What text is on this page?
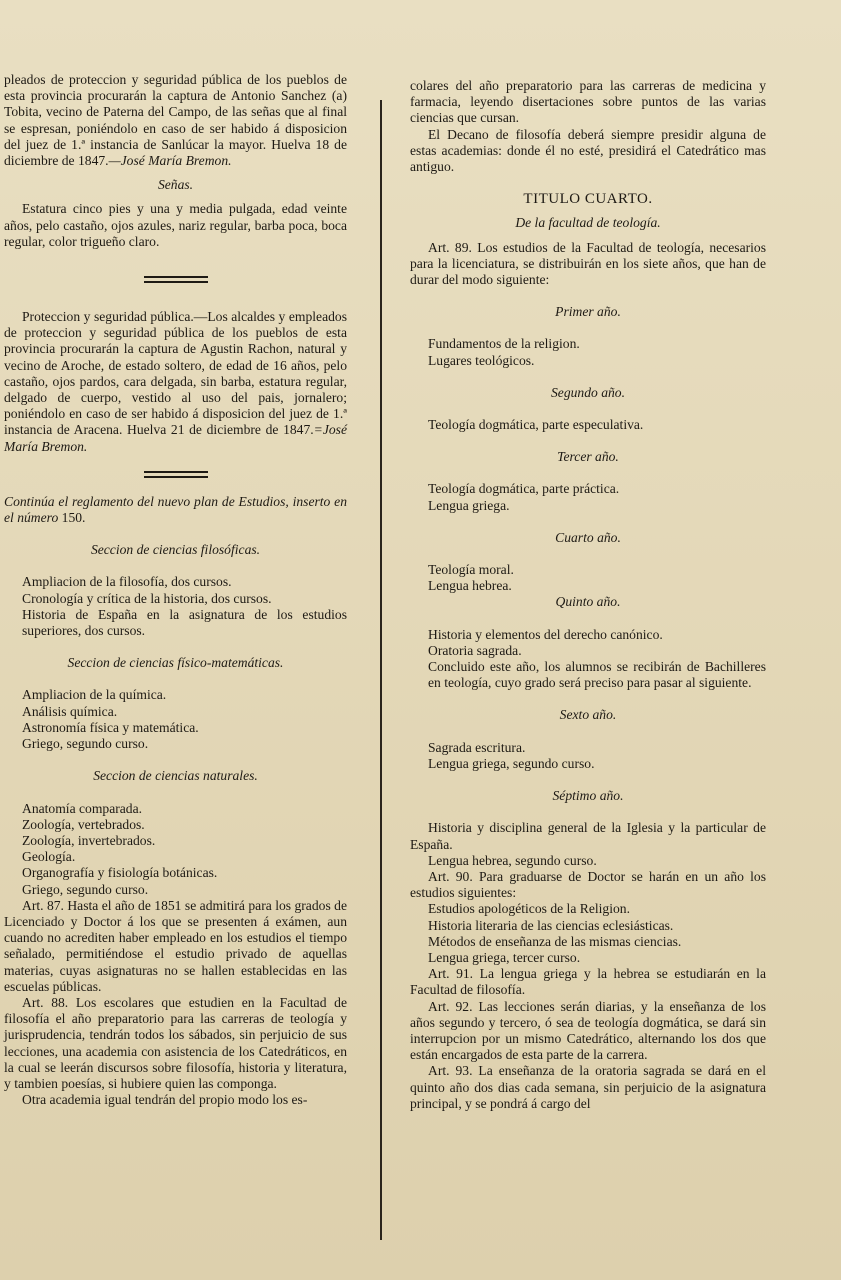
pleados de proteccion y seguridad pública de los pueblos de esta provincia procurarán la captura de Antonio Sanchez (a) Tobita, vecino de Paterna del Campo, de las señas que al final se espresan, poniéndolo en caso de ser habido á disposicion del juez de 1.ª instancia de Sanlúcar la mayor. Huelva 18 de diciembre de 1847.—José María Bremon.

Señas.

Estatura cinco pies y una y media pulgada, edad veinte años, pelo castaño, ojos azules, nariz regular, barba poca, boca regular, color trigueño claro.

Proteccion y seguridad pública.—Los alcaldes y empleados de proteccion y seguridad pública de los pueblos de esta provincia procurarán la captura de Agustin Rachon, natural y vecino de Aroche, de estado soltero, de edad de 16 años, pelo castaño, ojos pardos, cara delgada, sin barba, estatura regular, delgado de cuerpo, vestido al uso del pais, jornalero; poniéndolo en caso de ser habido á disposicion del juez de 1.ª instancia de Aracena. Huelva 21 de diciembre de 1847.=José María Bremon.

Continúa el reglamento del nuevo plan de Estudios, inserto en el número 150.

Seccion de ciencias filosóficas.

Ampliacion de la filosofía, dos cursos.

Cronología y crítica de la historia, dos cursos.

Historia de España en la asignatura de los estudios superiores, dos cursos.

Seccion de ciencias físico-matemáticas.

Ampliacion de la química.

Análisis química.

Astronomía física y matemática.

Griego, segundo curso.

Seccion de ciencias naturales.

Anatomía comparada.

Zoología, vertebrados.

Zoología, invertebrados.

Geología.

Organografía y fisiología botánicas.

Griego, segundo curso.

Art. 87. Hasta el año de 1851 se admitirá para los grados de Licenciado y Doctor á los que se presenten á exámen, aun cuando no acrediten haber empleado en los estudios el tiempo señalado, permitiéndose el estudio privado de aquellas materias, cuyas asignaturas no se hallen establecidas en las escuelas públicas.

Art. 88. Los escolares que estudien en la Facultad de filosofía el año preparatorio para las carreras de teología y jurisprudencia, tendrán todos los sábados, sin perjuicio de sus lecciones, una academia con asistencia de los Catedráticos, en la cual se leerán discursos sobre filosofía, historia y literatura, y tambien poesías, si hubiere quien las componga.

Otra academia igual tendrán del propio modo los es-

colares del año preparatorio para las carreras de medicina y farmacia, leyendo disertaciones sobre puntos de las varias ciencias que cursan.

El Decano de filosofía deberá siempre presidir alguna de estas academias: donde él no esté, presidirá el Catedrático mas antiguo.

TITULO CUARTO.

De la facultad de teología.

Art. 89. Los estudios de la Facultad de teología, necesarios para la licenciatura, se distribuirán en los siete años, que han de durar del modo siguiente:

Primer año.

Fundamentos de la religion.

Lugares teológicos.

Segundo año.

Teología dogmática, parte especulativa.

Tercer año.

Teología dogmática, parte práctica.

Lengua griega.

Cuarto año.

Teología moral.

Lengua hebrea.

Quinto año.

Historia y elementos del derecho canónico.

Oratoria sagrada.

Concluido este año, los alumnos se recibirán de Bachilleres en teología, cuyo grado será preciso para pasar al siguiente.

Sexto año.

Sagrada escritura.

Lengua griega, segundo curso.

Séptimo año.

Historia y disciplina general de la Iglesia y la particular de España.

Lengua hebrea, segundo curso.

Art. 90. Para graduarse de Doctor se harán en un año los estudios siguientes:

Estudios apologéticos de la Religion.

Historia literaria de las ciencias eclesiásticas.

Métodos de enseñanza de las mismas ciencias.

Lengua griega, tercer curso.

Art. 91. La lengua griega y la hebrea se estudiarán en la Facultad de filosofía.

Art. 92. Las lecciones serán diarias, y la enseñanza de los años segundo y tercero, ó sea de teología dogmática, se dará sin interrupcion por un mismo Catedrático, alternando los dos que están encargados de esta parte de la carrera.

Art. 93. La enseñanza de la oratoria sagrada se dará en el quinto año dos dias cada semana, sin perjuicio de la asignatura principal, y se pondrá á cargo del
